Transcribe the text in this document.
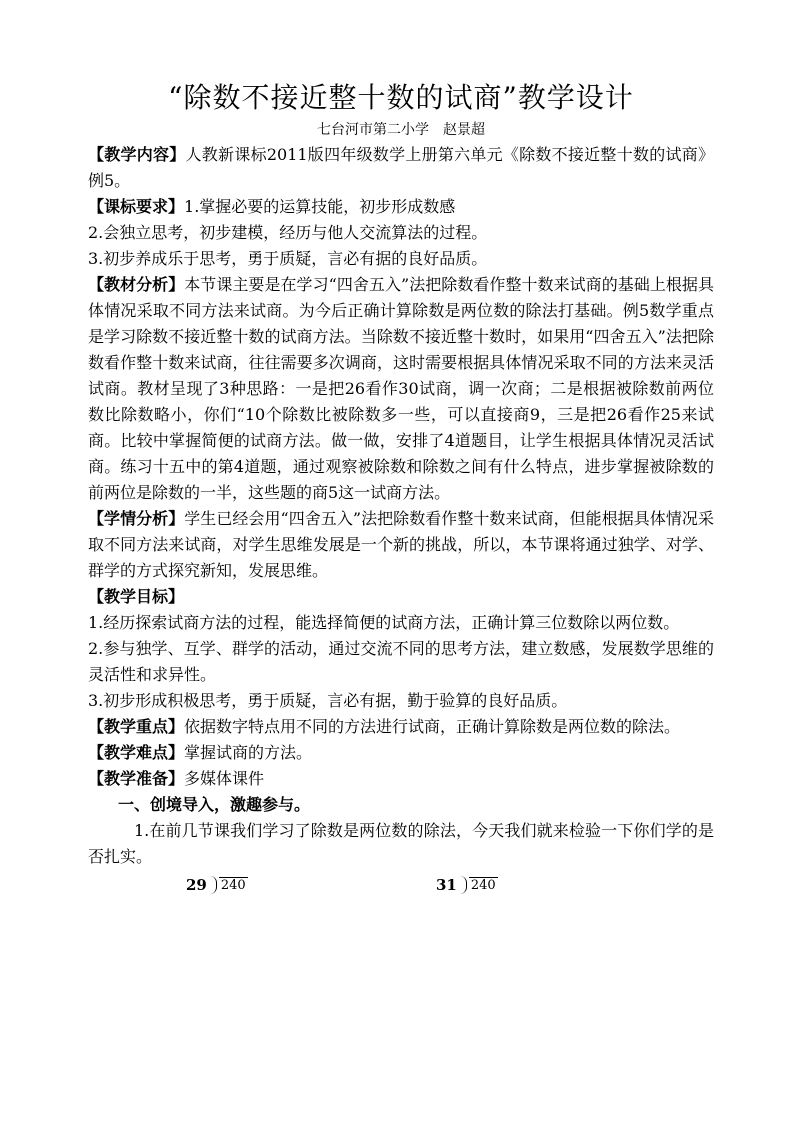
“除数不接近整十数的试商”教学设计
七台河市第二小学 赵景超

【教学内容】人教新课标2011版四年级数学上册第六单元《除数不接近整十数的试商》例5。

【课标要求】1.掌握必要的运算技能，初步形成数感

2.会独立思考，初步建模，经历与他人交流算法的过程。

3.初步养成乐于思考，勇于质疑，言必有据的良好品质。

【教材分析】本节课主要是在学习“四舍五入”法把除数看作整十数来试商的基础上根据具体情况采取不同方法来试商。为今后正确计算除数是两位数的除法打基础。例5数学重点是学习除数不接近整十数的试商方法。当除数不接近整十数时，如果用“四舍五入”法把除数看作整十数来试商，往往需要多次调商，这时需要根据具体情况采取不同的方法来灵活试商。教材呈现了3种思路：一是把26看作30试商，调一次商；二是根据被除数前两位数比除数略小，你们“10个除数比被除数多一些，可以直接商9，三是把26看作25来试商。比较中掌握简便的试商方法。做一做，安排了4道题目，让学生根据具体情况灵活试商。练习十五中的第4道题，通过观察被除数和除数之间有什么特点，进步掌握被除数的前两位是除数的一半，这些题的商5这一试商方法。

【学情分析】学生已经会用“四舍五入”法把除数看作整十数来试商，但能根据具体情况采取不同方法来试商，对学生思维发展是一个新的挑战，所以，本节课将通过独学、对学、群学的方式探究新知，发展思维。

【教学目标】

1.经历探索试商方法的过程，能选择简便的试商方法，正确计算三位数除以两位数。

2.参与独学、互学、群学的活动，通过交流不同的思考方法，建立数感，发展数学思维的灵活性和求异性。

3.初步形成积极思考，勇于质疑，言必有据，勤于验算的良好品质。

【教学重点】依据数字特点用不同的方法进行试商，正确计算除数是两位数的除法。

【教学难点】掌握试商的方法。

【教学准备】多媒体课件

一、创境导入，激趣参与。

1.在前几节课我们学习了除数是两位数的除法，今天我们就来检验一下你们学的是否扎实。

29 240	31 240
